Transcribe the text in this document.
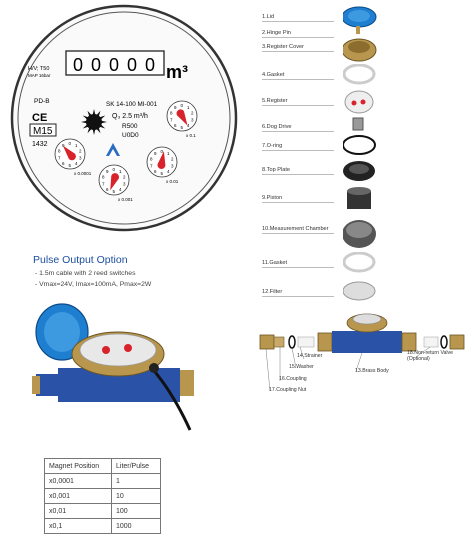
0 0 0 0 0 m³
H/V; T50
MAP 16bar
PD-B
CE
M15
1432
SK 14-100 MI-001
Q₃ 2.5 m³/h
R500
U0D0
0 1
2
3
4
5
6
7
8
9
x 0.1
0 1
2
3
4
5
6
7
8
9
x 0.001
0 1
2
3
4
5
6
7
8
9
x 0.01
0 1
2
3
4
5
6
7
8
9
x 0.0001
1.Lid
2.Hinge Pin
3.Register Cover
4.Gasket
5.Register
6.Dog Drive
7.O-ring
8.Top Plate
9.Piston
10.Measurement Chamber
11.Gasket
12.Filter
14.Strainer
15.Washer
16.Coupling
17.Coupling Nut
13.Brass Body
18.Non-return Valve
(Optional)
Pulse Output Option
- 1.5m cable with 2 reed switches
- Vmax=24V, Imax=100mA, Pmax=2W
Magnet Position	Liter/Pulse
x0,0001	1
x0,001	10
x0,01	100
x0,1	1000
